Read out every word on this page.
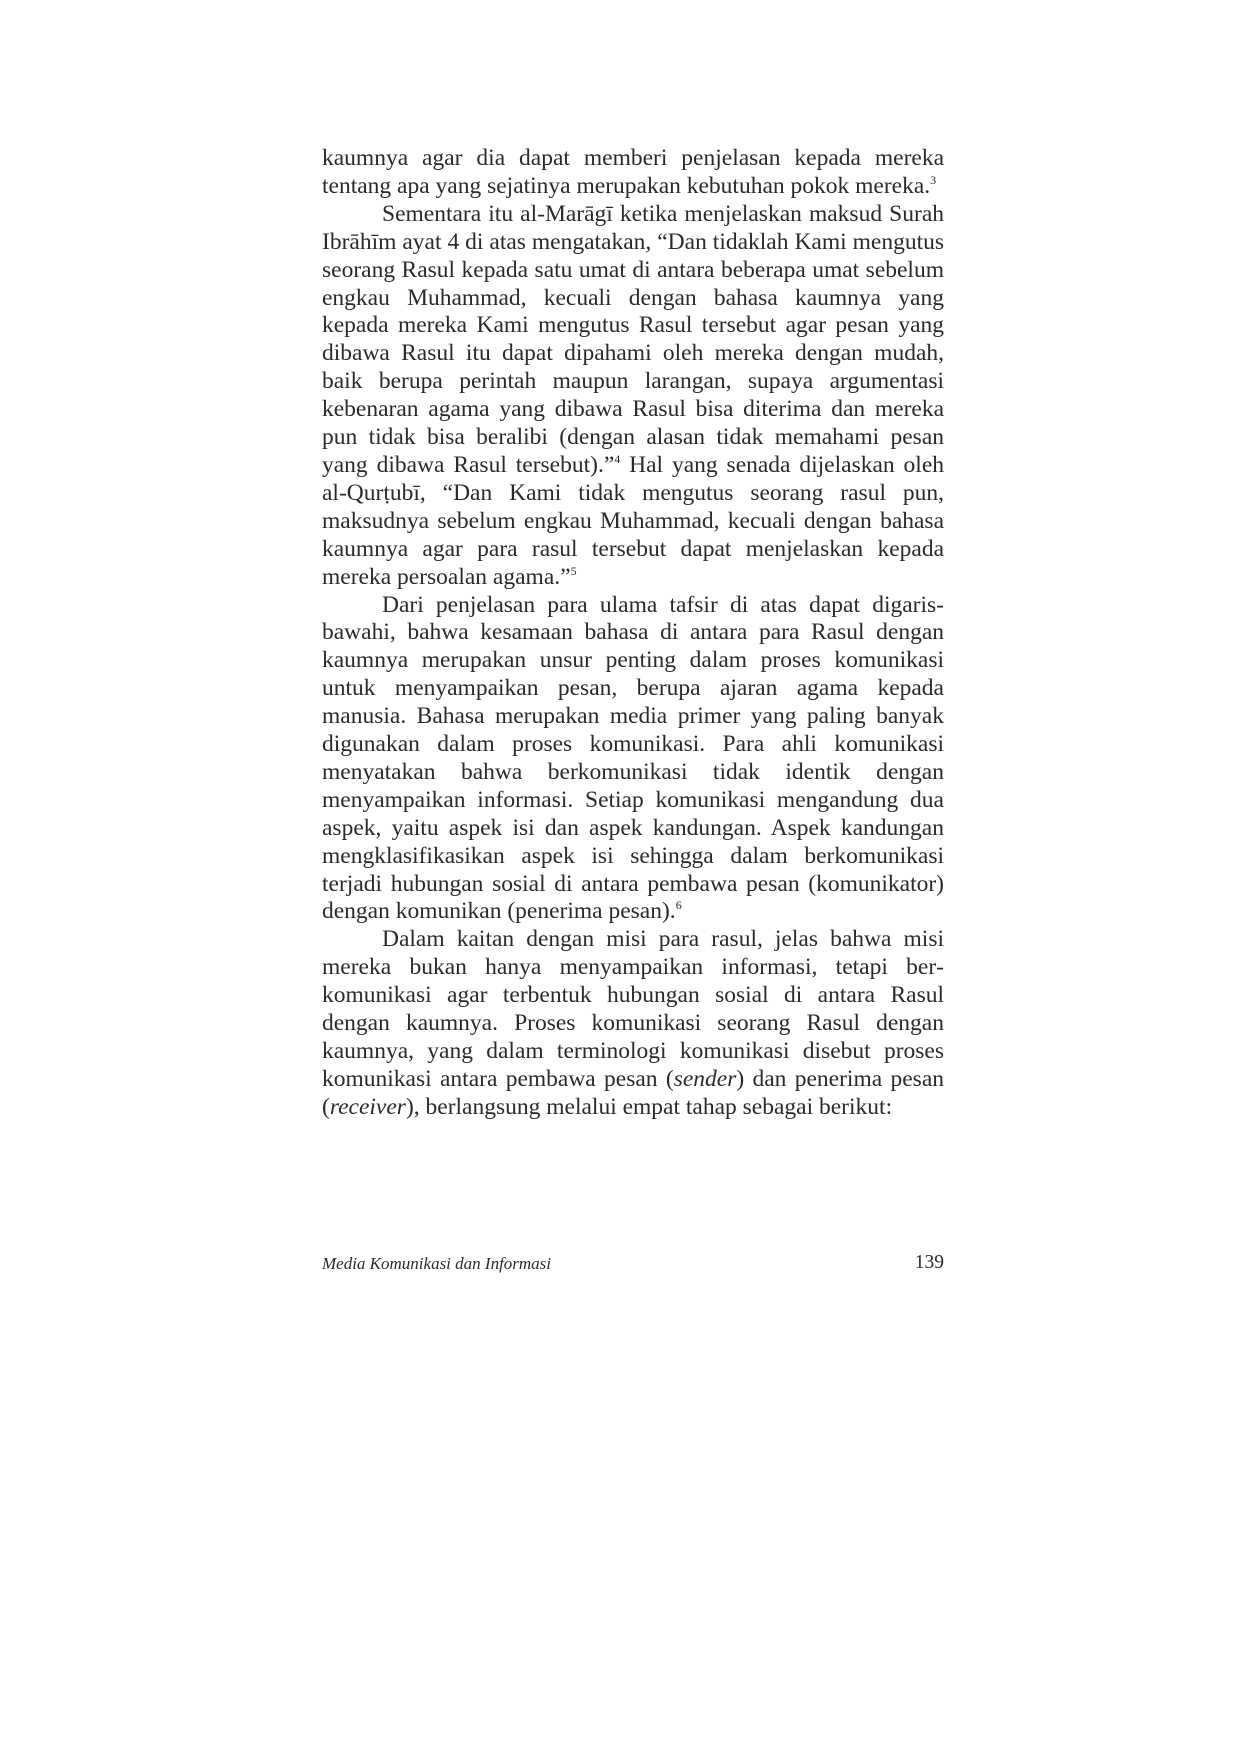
kaumnya agar dia dapat memberi penjelasan kepada mereka tentang apa yang sejatinya merupakan kebutuhan pokok mereka.$^3$

Sementara itu al-Marāgī ketika menjelaskan maksud Surah Ibrāhīm ayat 4 di atas mengatakan, “Dan tidaklah Kami mengutus seorang Rasul kepada satu umat di antara beberapa umat sebelum engkau Muhammad, kecuali dengan bahasa kaumnya yang kepada mereka Kami mengutus Rasul tersebut agar pesan yang dibawa Rasul itu dapat dipahami oleh mereka dengan mudah, baik berupa perintah maupun larangan, supaya argumentasi kebenaran agama yang dibawa Rasul bisa diterima dan mereka pun tidak bisa beralibi (dengan alasan tidak memahami pesan yang dibawa Rasul tersebut).”$^4$ Hal yang senada dijelaskan oleh al-Qurṭubī, “Dan Kami tidak mengutus seorang rasul pun, maksudnya sebelum engkau Muhammad, kecuali dengan bahasa kaumnya agar para rasul tersebut dapat menjelaskan kepada mereka persoalan agama.”$^5$

Dari penjelasan para ulama tafsir di atas dapat digarisbawahi, bahwa kesamaan bahasa di antara para Rasul dengan kaumnya merupakan unsur penting dalam proses komunikasi untuk menyampaikan pesan, berupa ajaran agama kepada manusia. Bahasa merupakan media primer yang paling banyak digunakan dalam proses komunikasi. Para ahli komunikasi menyatakan bahwa berkomunikasi tidak identik dengan menyampaikan informasi. Setiap komunikasi mengandung dua aspek, yaitu aspek isi dan aspek kandungan. Aspek kandungan mengklasifikasikan aspek isi sehingga dalam berkomunikasi terjadi hubungan sosial di antara pembawa pesan (komunikator) dengan komunikan (penerima pesan).$^6$

Dalam kaitan dengan misi para rasul, jelas bahwa misi mereka bukan hanya menyampaikan informasi, tetapi berkomunikasi agar terbentuk hubungan sosial di antara Rasul dengan kaumnya. Proses komunikasi seorang Rasul dengan kaumnya, yang dalam terminologi komunikasi disebut proses komunikasi antara pembawa pesan (sender) dan penerima pesan (receiver), berlangsung melalui empat tahap sebagai berikut:

Media Komunikasi dan Informasi	139
